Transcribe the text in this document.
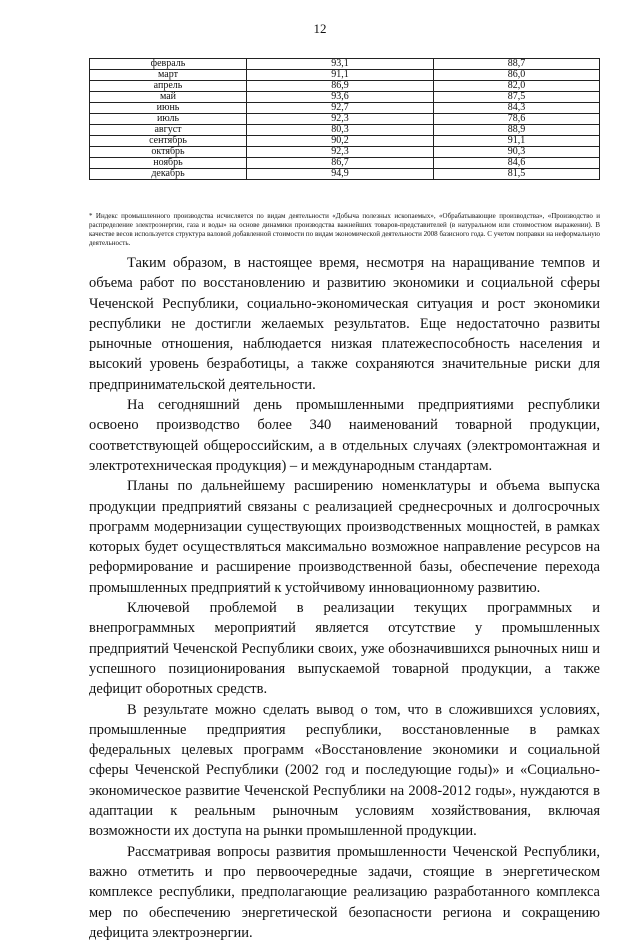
12
февраль	93,1	88,7
март	91,1	86,0
апрель	86,9	82,0
май	93,6	87,5
июнь	92,7	84,3
июль	92,3	78,6
август	80,3	88,9
сентябрь	90,2	91,1
октябрь	92,3	90,3
ноябрь	86,7	84,6
декабрь	94,9	81,5
* Индекс промышленного производства исчисляется по видам деятельности «Добыча полезных ископаемых», «Обрабатывающие производства», «Производство и распределение электроэнергии, газа и воды» на основе динамики производства важнейших товаров-представителей (в натуральном или стоимостном выражении). В качестве весов используется структура валовой добавленной стоимости по видам экономической деятельности 2008 базисного года. С учетом поправки на неформальную деятельность.

Таким образом, в настоящее время, несмотря на наращивание темпов и объема работ по восстановлению и развитию экономики и социальной сферы Чеченской Республики, социально-экономическая ситуация и рост экономики республики не достигли желаемых результатов. Еще недостаточно развиты рыночные отношения, наблюдается низкая платежеспособность населения и высокий уровень безработицы, а также сохраняются значительные риски для предпринимательской деятельности.

На сегодняшний день промышленными предприятиями республики освоено производство более 340 наименований товарной продукции, соответствующей общероссийским, а в отдельных случаях (электромонтажная и электротехническая продукция) – и международным стандартам.

Планы по дальнейшему расширению номенклатуры и объема выпуска продукции предприятий связаны с реализацией среднесрочных и долгосрочных программ модернизации существующих производственных мощностей, в рамках которых будет осуществляться максимально возможное направление ресурсов на реформирование и расширение производственной базы, обеспечение перехода промышленных предприятий к устойчивому инновационному развитию.

Ключевой проблемой в реализации текущих программных и внепрограммных мероприятий является отсутствие у промышленных предприятий Чеченской Республики своих, уже обозначившихся рыночных ниш и успешного позиционирования выпускаемой товарной продукции, а также дефицит оборотных средств.

В результате можно сделать вывод о том, что в сложившихся условиях, промышленные предприятия республики, восстановленные в рамках федеральных целевых программ «Восстановление экономики и социальной сферы Чеченской Республики (2002 год и последующие годы)» и «Социально-экономическое развитие Чеченской Республики на 2008-2012 годы», нуждаются в адаптации к реальным рыночным условиям хозяйствования, включая возможности их доступа на рынки промышленной продукции.

Рассматривая вопросы развития промышленности Чеченской Республики, важно отметить и про первоочередные задачи, стоящие в энергетическом комплексе республики, предполагающие реализацию разработанного комплекса мер по обеспечению энергетической безопасности региона и сокращению дефицита электроэнергии.
